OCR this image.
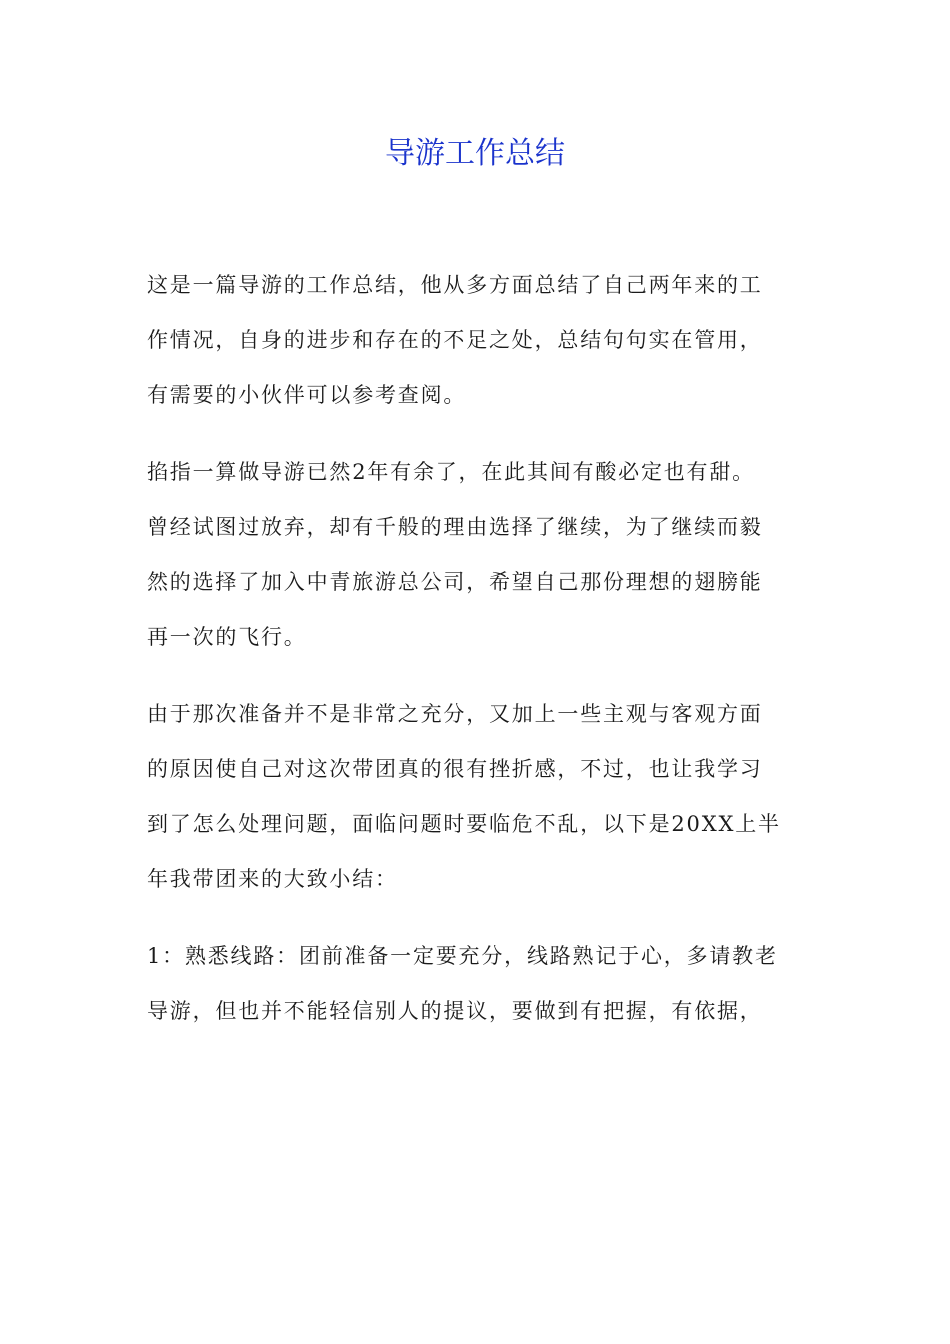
导游工作总结

这是一篇导游的工作总结，他从多方面总结了自己两年来的工
作情况，自身的进步和存在的不足之处，总结句句实在管用，
有需要的小伙伴可以参考查阅。

掐指一算做导游已然2年有余了，在此其间有酸必定也有甜。
曾经试图过放弃，却有千般的理由选择了继续，为了继续而毅
然的选择了加入中青旅游总公司，希望自己那份理想的翅膀能
再一次的飞行。

由于那次准备并不是非常之充分，又加上一些主观与客观方面
的原因使自己对这次带团真的很有挫折感，不过，也让我学习
到了怎么处理问题，面临问题时要临危不乱，以下是20XX上半
年我带团来的大致小结：

1：熟悉线路：团前准备一定要充分，线路熟记于心，多请教老
导游，但也并不能轻信别人的提议，要做到有把握，有依据，
